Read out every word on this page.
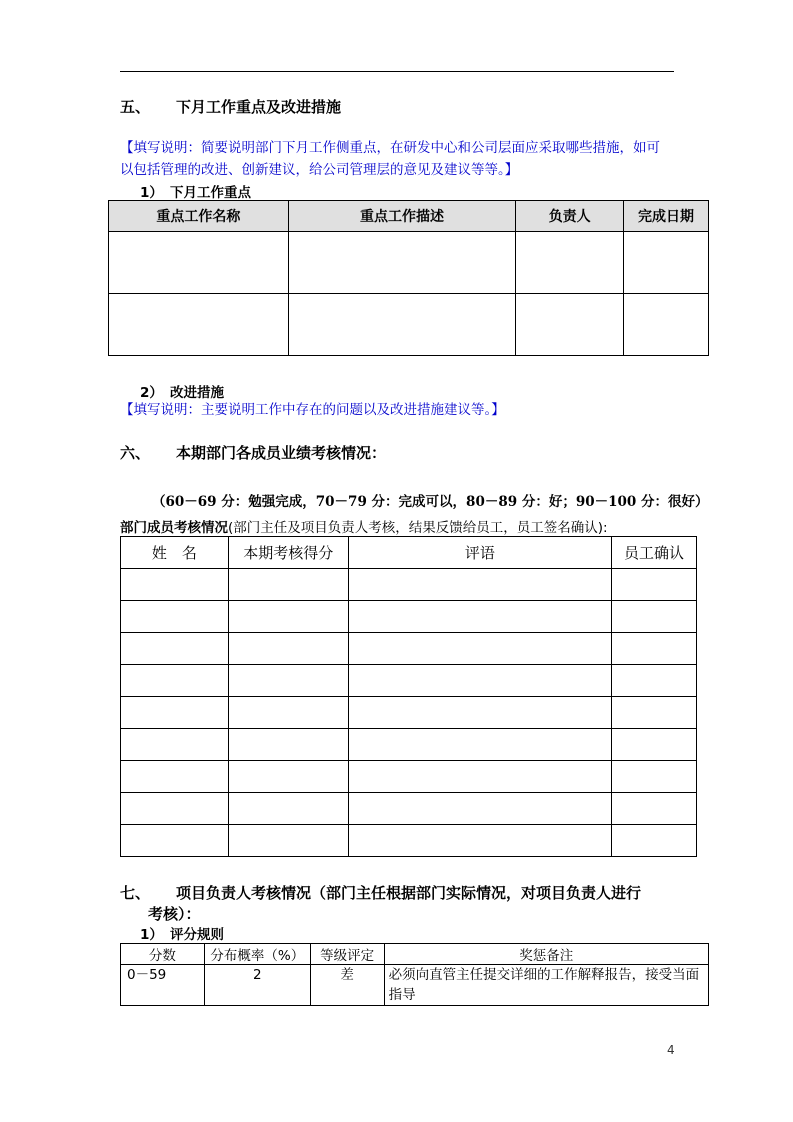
五、 下月工作重点及改进措施
【填写说明：简要说明部门下月工作侧重点，在研发中心和公司层面应采取哪些措施，如可
以包括管理的改进、创新建议，给公司管理层的意见及建议等等。】
1） 下月工作重点
重点工作名称	重点工作描述	负责人	完成日期

2） 改进措施
【填写说明：主要说明工作中存在的问题以及改进措施建议等。】
六、 本期部门各成员业绩考核情况：
（60－69 分：勉强完成，70－79 分：完成可以，80－89 分：好；90－100 分：很好）
部门成员考核情况(部门主任及项目负责人考核，结果反馈给员工，员工签名确认):
姓　名	本期考核得分	评语	员工确认

七、 项目负责人考核情况（部门主任根据部门实际情况，对项目负责人进行
考核）：
1） 评分规则
分数	分布概率（%）	等级评定	奖惩备注
0－59	2	差	必须向直管主任提交详细的工作解释报告，接受当面指导
4
